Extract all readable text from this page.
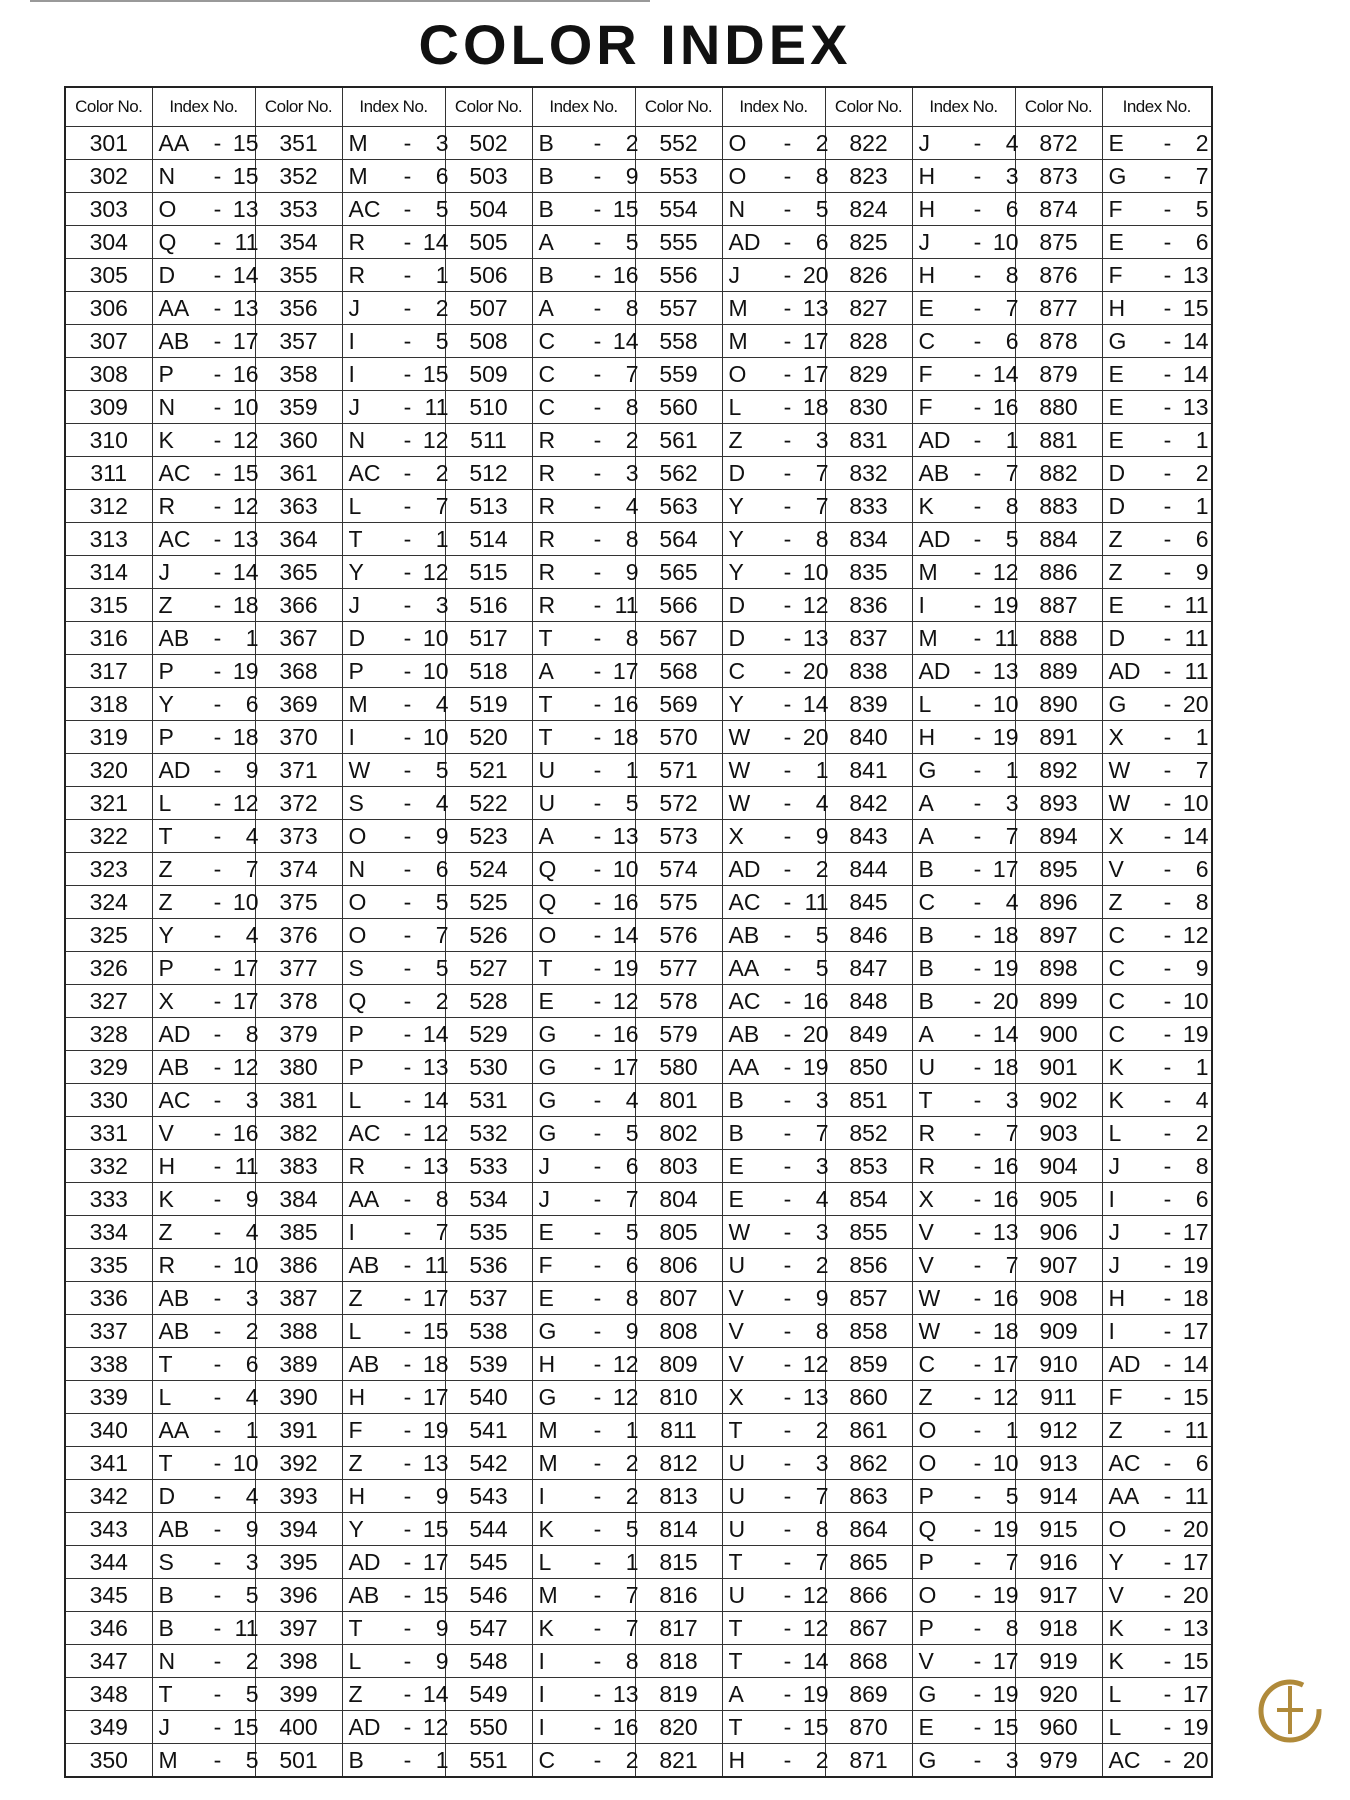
COLOR INDEX
Color No.	Index No.	Color No.	Index No.	Color No.	Index No.	Color No.	Index No.	Color No.	Index No.	Color No.	Index No.
301	AA - 15	351	M - 3	502	B - 2	552	O - 2	822	J - 4	872	E - 2
302	N - 15	352	M - 6	503	B - 9	553	O - 8	823	H - 3	873	G - 7
303	O - 13	353	AC - 5	504	B - 15	554	N - 5	824	H - 6	874	F - 5
304	Q - 11	354	R - 14	505	A - 5	555	AD - 6	825	J - 10	875	E - 6
305	D - 14	355	R - 1	506	B - 16	556	J - 20	826	H - 8	876	F - 13
306	AA - 13	356	J - 2	507	A - 8	557	M - 13	827	E - 7	877	H - 15
307	AB - 17	357	I - 5	508	C - 14	558	M - 17	828	C - 6	878	G - 14
308	P - 16	358	I - 15	509	C - 7	559	O - 17	829	F - 14	879	E - 14
309	N - 10	359	J - 11	510	C - 8	560	L - 18	830	F - 16	880	E - 13
310	K - 12	360	N - 12	511	R - 2	561	Z - 3	831	AD - 1	881	E - 1
311	AC - 15	361	AC - 2	512	R - 3	562	D - 7	832	AB - 7	882	D - 2
312	R - 12	363	L - 7	513	R - 4	563	Y - 7	833	K - 8	883	D - 1
313	AC - 13	364	T - 1	514	R - 8	564	Y - 8	834	AD - 5	884	Z - 6
314	J - 14	365	Y - 12	515	R - 9	565	Y - 10	835	M - 12	886	Z - 9
315	Z - 18	366	J - 3	516	R - 11	566	D - 12	836	I - 19	887	E - 11
316	AB - 1	367	D - 10	517	T - 8	567	D - 13	837	M - 11	888	D - 11
317	P - 19	368	P - 10	518	A - 17	568	C - 20	838	AD - 13	889	AD - 11
318	Y - 6	369	M - 4	519	T - 16	569	Y - 14	839	L - 10	890	G - 20
319	P - 18	370	I - 10	520	T - 18	570	W - 20	840	H - 19	891	X - 1
320	AD - 9	371	W - 5	521	U - 1	571	W - 1	841	G - 1	892	W - 7
321	L - 12	372	S - 4	522	U - 5	572	W - 4	842	A - 3	893	W - 10
322	T - 4	373	O - 9	523	A - 13	573	X - 9	843	A - 7	894	X - 14
323	Z - 7	374	N - 6	524	Q - 10	574	AD - 2	844	B - 17	895	V - 6
324	Z - 10	375	O - 5	525	Q - 16	575	AC - 11	845	C - 4	896	Z - 8
325	Y - 4	376	O - 7	526	O - 14	576	AB - 5	846	B - 18	897	C - 12
326	P - 17	377	S - 5	527	T - 19	577	AA - 5	847	B - 19	898	C - 9
327	X - 17	378	Q - 2	528	E - 12	578	AC - 16	848	B - 20	899	C - 10
328	AD - 8	379	P - 14	529	G - 16	579	AB - 20	849	A - 14	900	C - 19
329	AB - 12	380	P - 13	530	G - 17	580	AA - 19	850	U - 18	901	K - 1
330	AC - 3	381	L - 14	531	G - 4	801	B - 3	851	T - 3	902	K - 4
331	V - 16	382	AC - 12	532	G - 5	802	B - 7	852	R - 7	903	L - 2
332	H - 11	383	R - 13	533	J - 6	803	E - 3	853	R - 16	904	J - 8
333	K - 9	384	AA - 8	534	J - 7	804	E - 4	854	X - 16	905	I - 6
334	Z - 4	385	I - 7	535	E - 5	805	W - 3	855	V - 13	906	J - 17
335	R - 10	386	AB - 11	536	F - 6	806	U - 2	856	V - 7	907	J - 19
336	AB - 3	387	Z - 17	537	E - 8	807	V - 9	857	W - 16	908	H - 18
337	AB - 2	388	L - 15	538	G - 9	808	V - 8	858	W - 18	909	I - 17
338	T - 6	389	AB - 18	539	H - 12	809	V - 12	859	C - 17	910	AD - 14
339	L - 4	390	H - 17	540	G - 12	810	X - 13	860	Z - 12	911	F - 15
340	AA - 1	391	F - 19	541	M - 1	811	T - 2	861	O - 1	912	Z - 11
341	T - 10	392	Z - 13	542	M - 2	812	U - 3	862	O - 10	913	AC - 6
342	D - 4	393	H - 9	543	I - 2	813	U - 7	863	P - 5	914	AA - 11
343	AB - 9	394	Y - 15	544	K - 5	814	U - 8	864	Q - 19	915	O - 20
344	S - 3	395	AD - 17	545	L - 1	815	T - 7	865	P - 7	916	Y - 17
345	B - 5	396	AB - 15	546	M - 7	816	U - 12	866	O - 19	917	V - 20
346	B - 11	397	T - 9	547	K - 7	817	T - 12	867	P - 8	918	K - 13
347	N - 2	398	L - 9	548	I - 8	818	T - 14	868	V - 17	919	K - 15
348	T - 5	399	Z - 14	549	I - 13	819	A - 19	869	G - 19	920	L - 17
349	J - 15	400	AD - 12	550	I - 16	820	T - 15	870	E - 15	960	L - 19
350	M - 5	501	B - 1	551	C - 2	821	H - 2	871	G - 3	979	AC - 20
